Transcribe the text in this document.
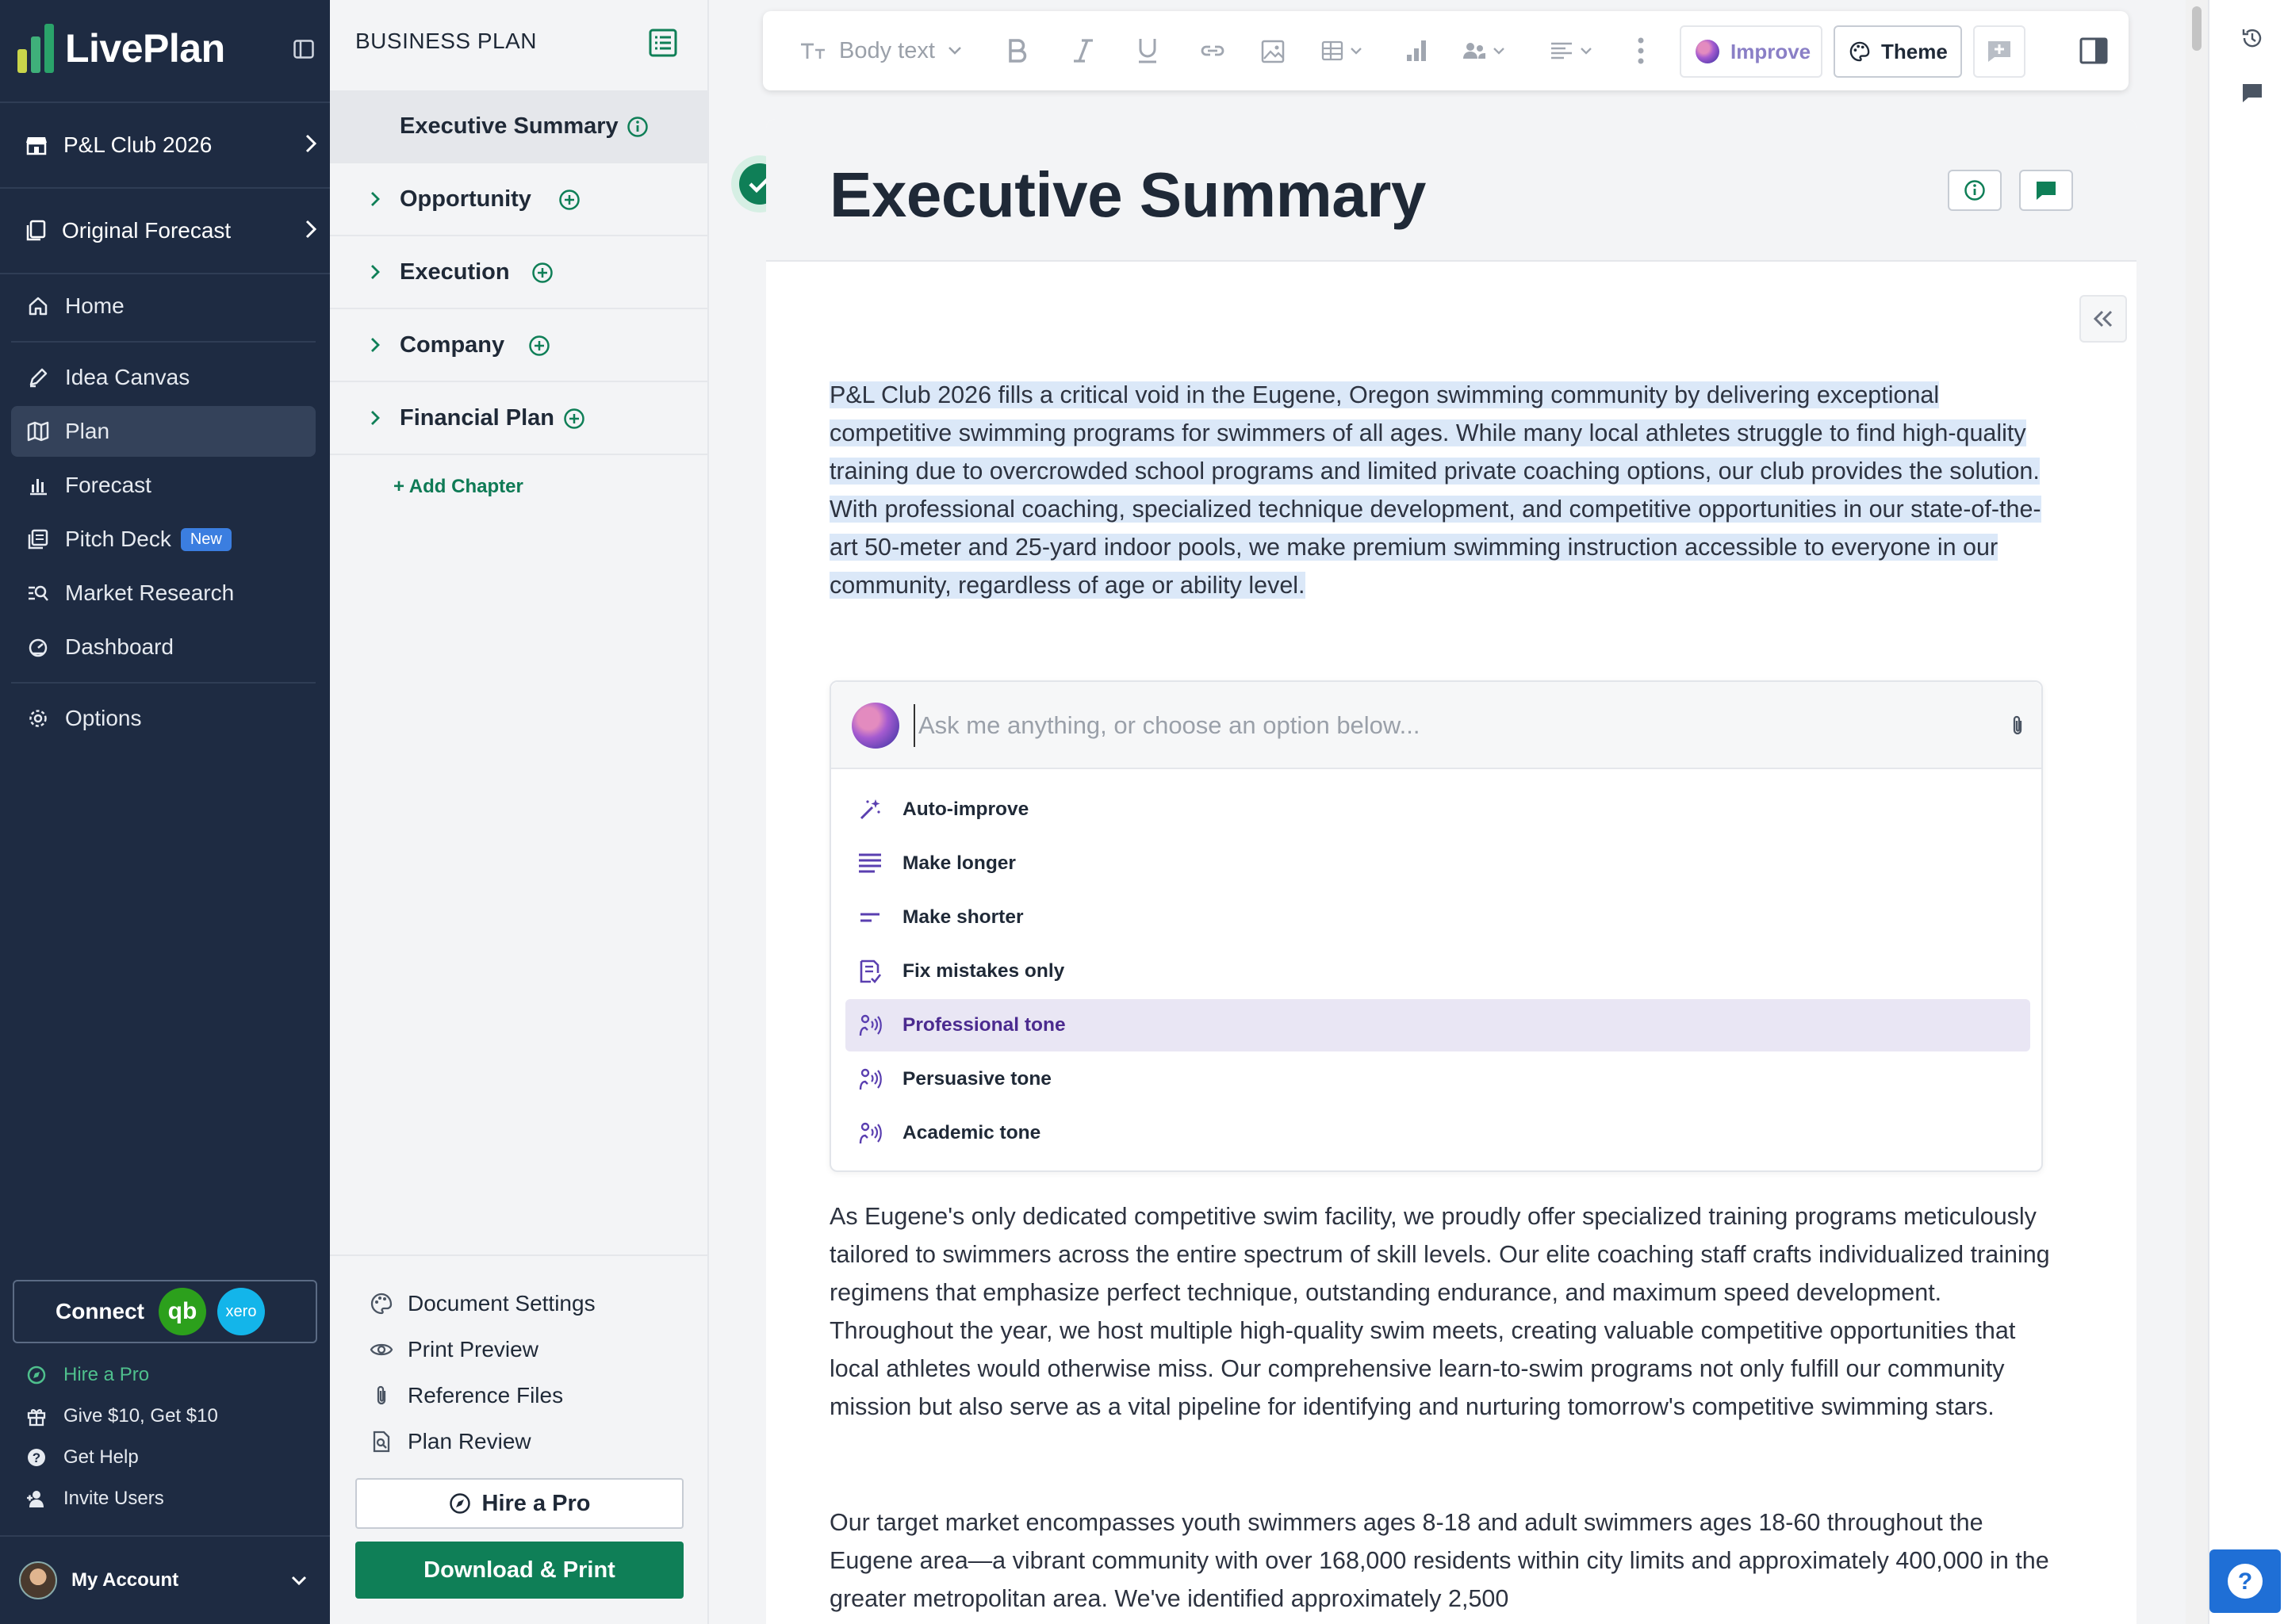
LivePlan
P&L Club 2026
Original Forecast
Home
Idea Canvas
Plan
Forecast
Pitch Deck	New
Market Research
Dashboard
Options
Connect qb	xero
Hire a Pro
Give $10, Get $10
? Get Help
Invite Users
My Account
BUSINESS PLAN
Executive Summary
Opportunity
Execution
Company
Financial Plan
+ Add Chapter
Document Settings
Print Preview
Reference Files
Plan Review
Hire a Pro
Download & Print
Body text	Improve	Theme
Executive Summary
P&L Club 2026 fills a critical void in the Eugene, Oregon swimming community by delivering exceptional competitive swimming programs for swimmers of all ages. While many local athletes struggle to find high-quality training due to overcrowded school programs and limited private coaching options, our club provides the solution. With professional coaching, specialized technique development, and competitive opportunities in our state-of-the-art 50-meter and 25-yard indoor pools, we make premium swimming instruction accessible to everyone in our community, regardless of age or ability level.
Ask me anything, or choose an option below...
Auto-improve
Make longer
Make shorter
Fix mistakes only
Professional tone
Persuasive tone
Academic tone
As Eugene's only dedicated competitive swim facility, we proudly offer specialized training programs meticulously tailored to swimmers across the entire spectrum of skill levels. Our elite coaching staff crafts individualized training regimens that emphasize perfect technique, outstanding endurance, and maximum speed development. Throughout the year, we host multiple high-quality swim meets, creating valuable competitive opportunities that local athletes would otherwise miss. Our comprehensive learn-to-swim programs not only fulfill our community mission but also serve as a vital pipeline for identifying and nurturing tomorrow's competitive swimming stars.
Our target market encompasses youth swimmers ages 8-18 and adult swimmers ages 18-60 throughout the Eugene area—a vibrant community with over 168,000 residents within city limits and approximately 400,000 in the greater metropolitan area. We've identified approximately 2,500
?
